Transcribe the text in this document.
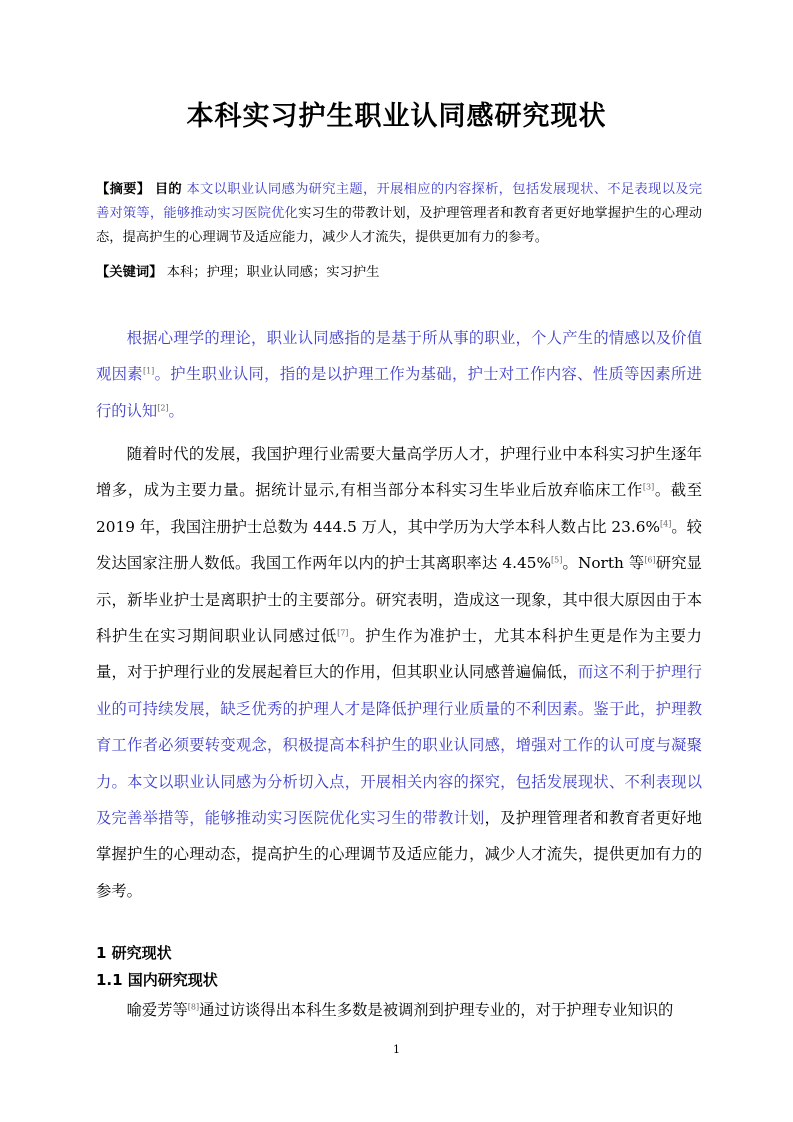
本科实习护生职业认同感研究现状

【摘要】 目的 本文以职业认同感为研究主题，开展相应的内容探析，包括发展现状、不足表现以及完善对策等，能够推动实习医院优化实习生的带教计划，及护理管理者和教育者更好地掌握护生的心理动态，提高护生的心理调节及适应能力，减少人才流失，提供更加有力的参考。

【关键词】 本科；护理；职业认同感；实习护生

根据心理学的理论，职业认同感指的是基于所从事的职业，个人产生的情感以及价值观因素[1]。护生职业认同，指的是以护理工作为基础，护士对工作内容、性质等因素所进行的认知[2]。

随着时代的发展，我国护理行业需要大量高学历人才，护理行业中本科实习护生逐年增多，成为主要力量。据统计显示,有相当部分本科实习生毕业后放弃临床工作[3]。截至 2019 年，我国注册护士总数为 444.5 万人，其中学历为大学本科人数占比 23.6%[4]。较发达国家注册人数低。我国工作两年以内的护士其离职率达 4.45%[5]。North 等[6]研究显示，新毕业护士是离职护士的主要部分。研究表明，造成这一现象，其中很大原因由于本科护生在实习期间职业认同感过低[7]。护生作为准护士，尤其本科护生更是作为主要力量，对于护理行业的发展起着巨大的作用，但其职业认同感普遍偏低，而这不利于护理行业的可持续发展，缺乏优秀的护理人才是降低护理行业质量的不利因素。鉴于此，护理教育工作者必须要转变观念，积极提高本科护生的职业认同感，增强对工作的认可度与凝聚力。本文以职业认同感为分析切入点，开展相关内容的探究，包括发展现状、不利表现以及完善举措等，能够推动实习医院优化实习生的带教计划，及护理管理者和教育者更好地掌握护生的心理动态，提高护生的心理调节及适应能力，减少人才流失，提供更加有力的参考。

1 研究现状
1.1 国内研究现状

喻爱芳等[8]通过访谈得出本科生多数是被调剂到护理专业的，对于护理专业知识的

1
